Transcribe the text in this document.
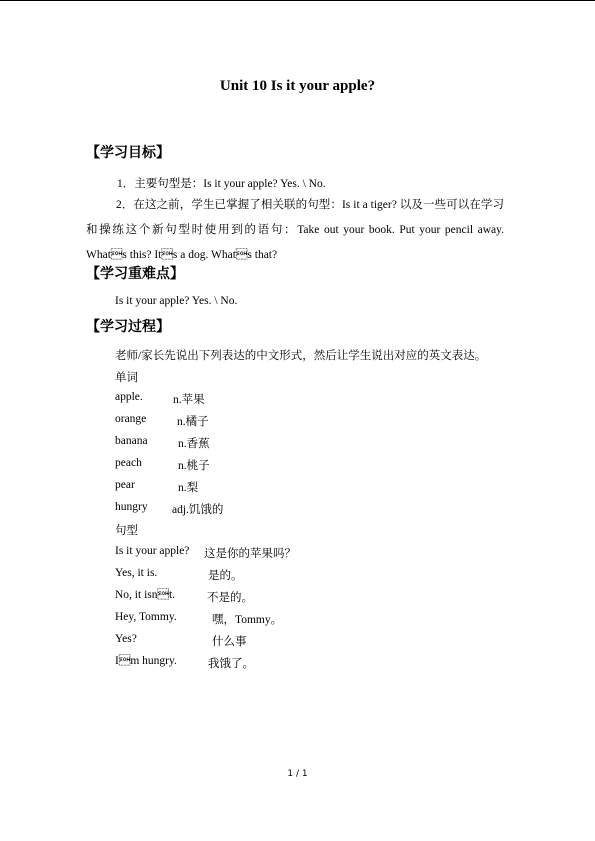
Unit 10 Is it your apple?
【学习目标】
1．主要句型是：Is it your apple? Yes. \ No.
2．在这之前，学生已掌握了相关联的句型：Is it a tiger? 以及一些可以在学习和操练这个新句型时使用到的语句：Take out your book. Put your pencil away. Whats this? Its a dog. Whats that?
【学习重难点】
Is it your apple? Yes. \ No.
【学习过程】
老师/家长先说出下列表达的中文形式，然后让学生说出对应的英文表达。
单词
apple.	n.苹果
orange	n.橘子
banana	n.香蕉
peach	n.桃子
pear	n.梨
hungry adj.饥饿的
句型
Is it your apple? 这是你的苹果吗？
Yes, it is.	是的。
No, it isnt.	不是的。
Hey, Tommy.	嘿，Tommy。
Yes?	什么事
Im hungry.	我饿了。
1 / 1
